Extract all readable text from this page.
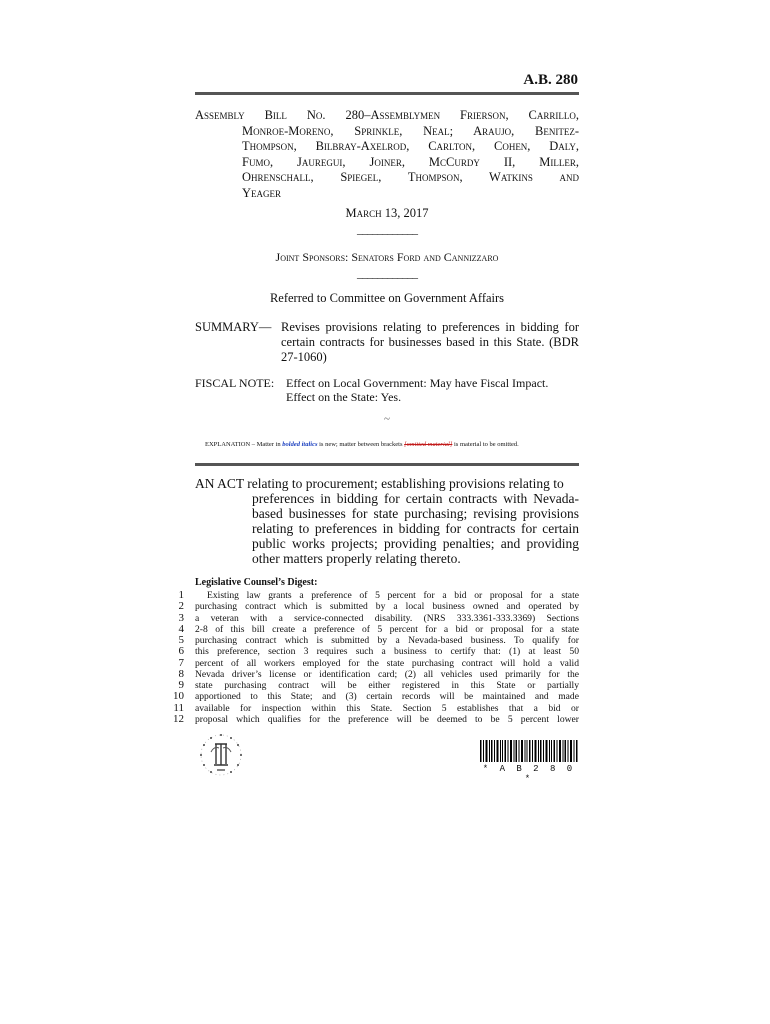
A.B. 280
Assembly Bill No. 280–Assemblymen Frierson, Carrillo,
Monroe-Moreno, Sprinkle, Neal; Araujo, Benitez-
Thompson, Bilbray-Axelrod, Carlton, Cohen, Daly,
Fumo, Jauregui, Joiner, McCurdy II, Miller,
Ohrenschall, Spiegel, Thompson, Watkins and
Yeager
March 13, 2017
____________
Joint Sponsors: Senators Ford and Cannizzaro
____________
Referred to Committee on Government Affairs
SUMMARY— Revises provisions relating to preferences in bidding for certain contracts for businesses based in this State. (BDR 27-1060)
FISCAL NOTE: Effect on Local Government: May have Fiscal Impact.
Effect on the State: Yes.
~
EXPLANATION – Matter in bolded italics is new; matter between brackets [omitted material] is material to be omitted.
AN ACT relating to procurement; establishing provisions relating to
preferences in bidding for certain contracts with Nevada-based businesses for state purchasing; revising provisions relating to preferences in bidding for contracts for certain public works projects; providing penalties; and providing other matters properly relating thereto.
Legislative Counsel’s Digest:
1
2
3
4
5
6
7
8
9
10
11
12
Existing law grants a preference of 5 percent for a bid or proposal for a state
purchasing contract which is submitted by a local business owned and operated by
a veteran with a service-connected disability. (NRS 333.3361-333.3369) Sections
2-8 of this bill create a preference of 5 percent for a bid or proposal for a state
purchasing contract which is submitted by a Nevada-based business. To qualify for
this preference, section 3 requires such a business to certify that: (1) at least 50
percent of all workers employed for the state purchasing contract will hold a valid
Nevada driver’s license or identification card; (2) all vehicles used primarily for the
state purchasing contract will be either registered in this State or partially
apportioned to this State; and (3) certain records will be maintained and made
available for inspection within this State. Section 5 establishes that a bid or
proposal which qualifies for the preference will be deemed to be 5 percent lower
* A B 2 8 0 *
